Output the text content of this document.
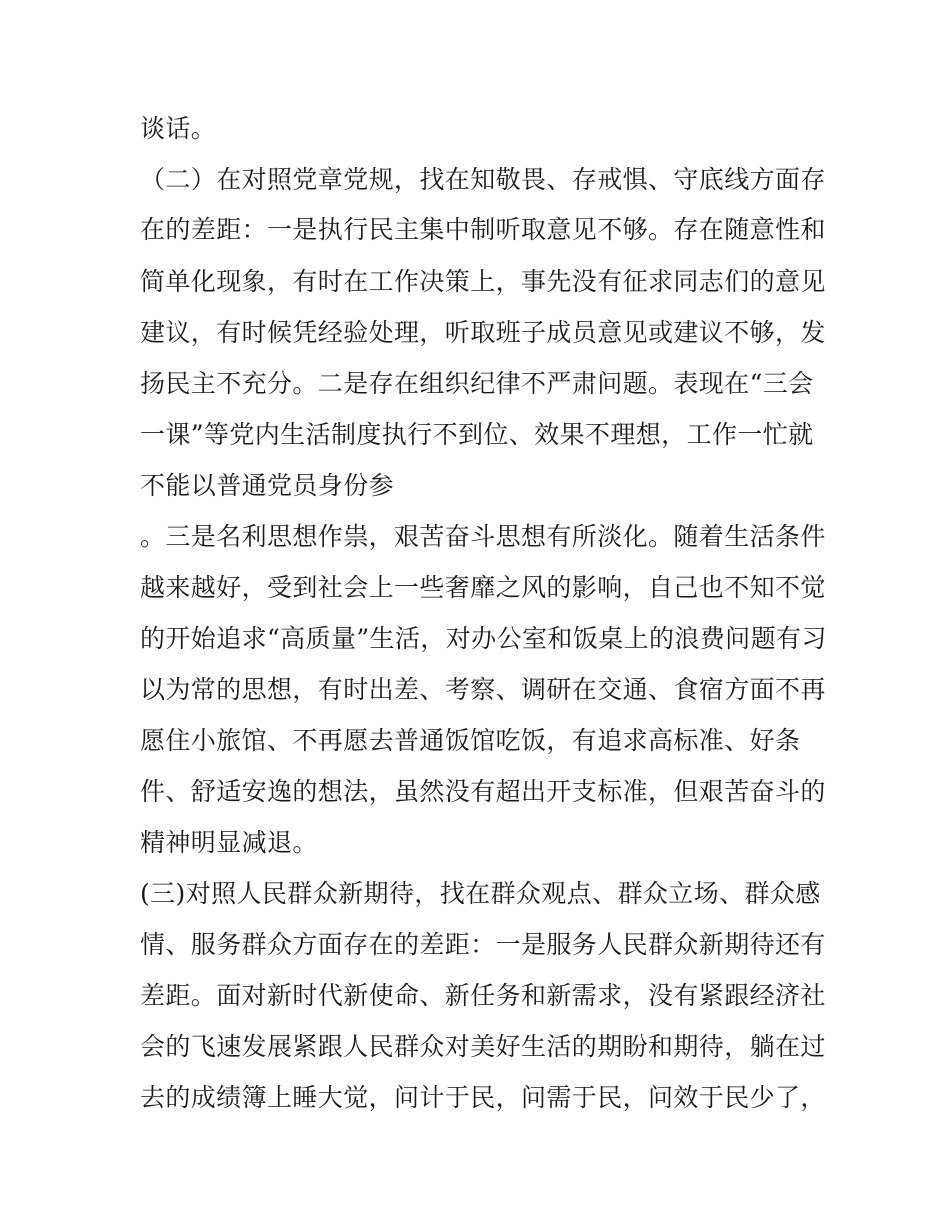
谈话。
（二）在对照党章党规，找在知敬畏、存戒惧、守底线方面存
在的差距：一是执行民主集中制听取意见不够。存在随意性和
简单化现象，有时在工作决策上，事先没有征求同志们的意见
建议，有时候凭经验处理，听取班子成员意见或建议不够，发
扬民主不充分。二是存在组织纪律不严肃问题。表现在“三会
一课”等党内生活制度执行不到位、效果不理想，工作一忙就
不能以普通党员身份参
。三是名利思想作祟，艰苦奋斗思想有所淡化。随着生活条件
越来越好，受到社会上一些奢靡之风的影响，自己也不知不觉
的开始追求“高质量”生活，对办公室和饭桌上的浪费问题有习
以为常的思想，有时出差、考察、调研在交通、食宿方面不再
愿住小旅馆、不再愿去普通饭馆吃饭，有追求高标准、好条
件、舒适安逸的想法，虽然没有超出开支标准，但艰苦奋斗的
精神明显减退。
(三)对照人民群众新期待，找在群众观点、群众立场、群众感
情、服务群众方面存在的差距：一是服务人民群众新期待还有
差距。面对新时代新使命、新任务和新需求，没有紧跟经济社
会的飞速发展紧跟人民群众对美好生活的期盼和期待，躺在过
去的成绩簿上睡大觉，问计于民，问需于民，问效于民少了，
